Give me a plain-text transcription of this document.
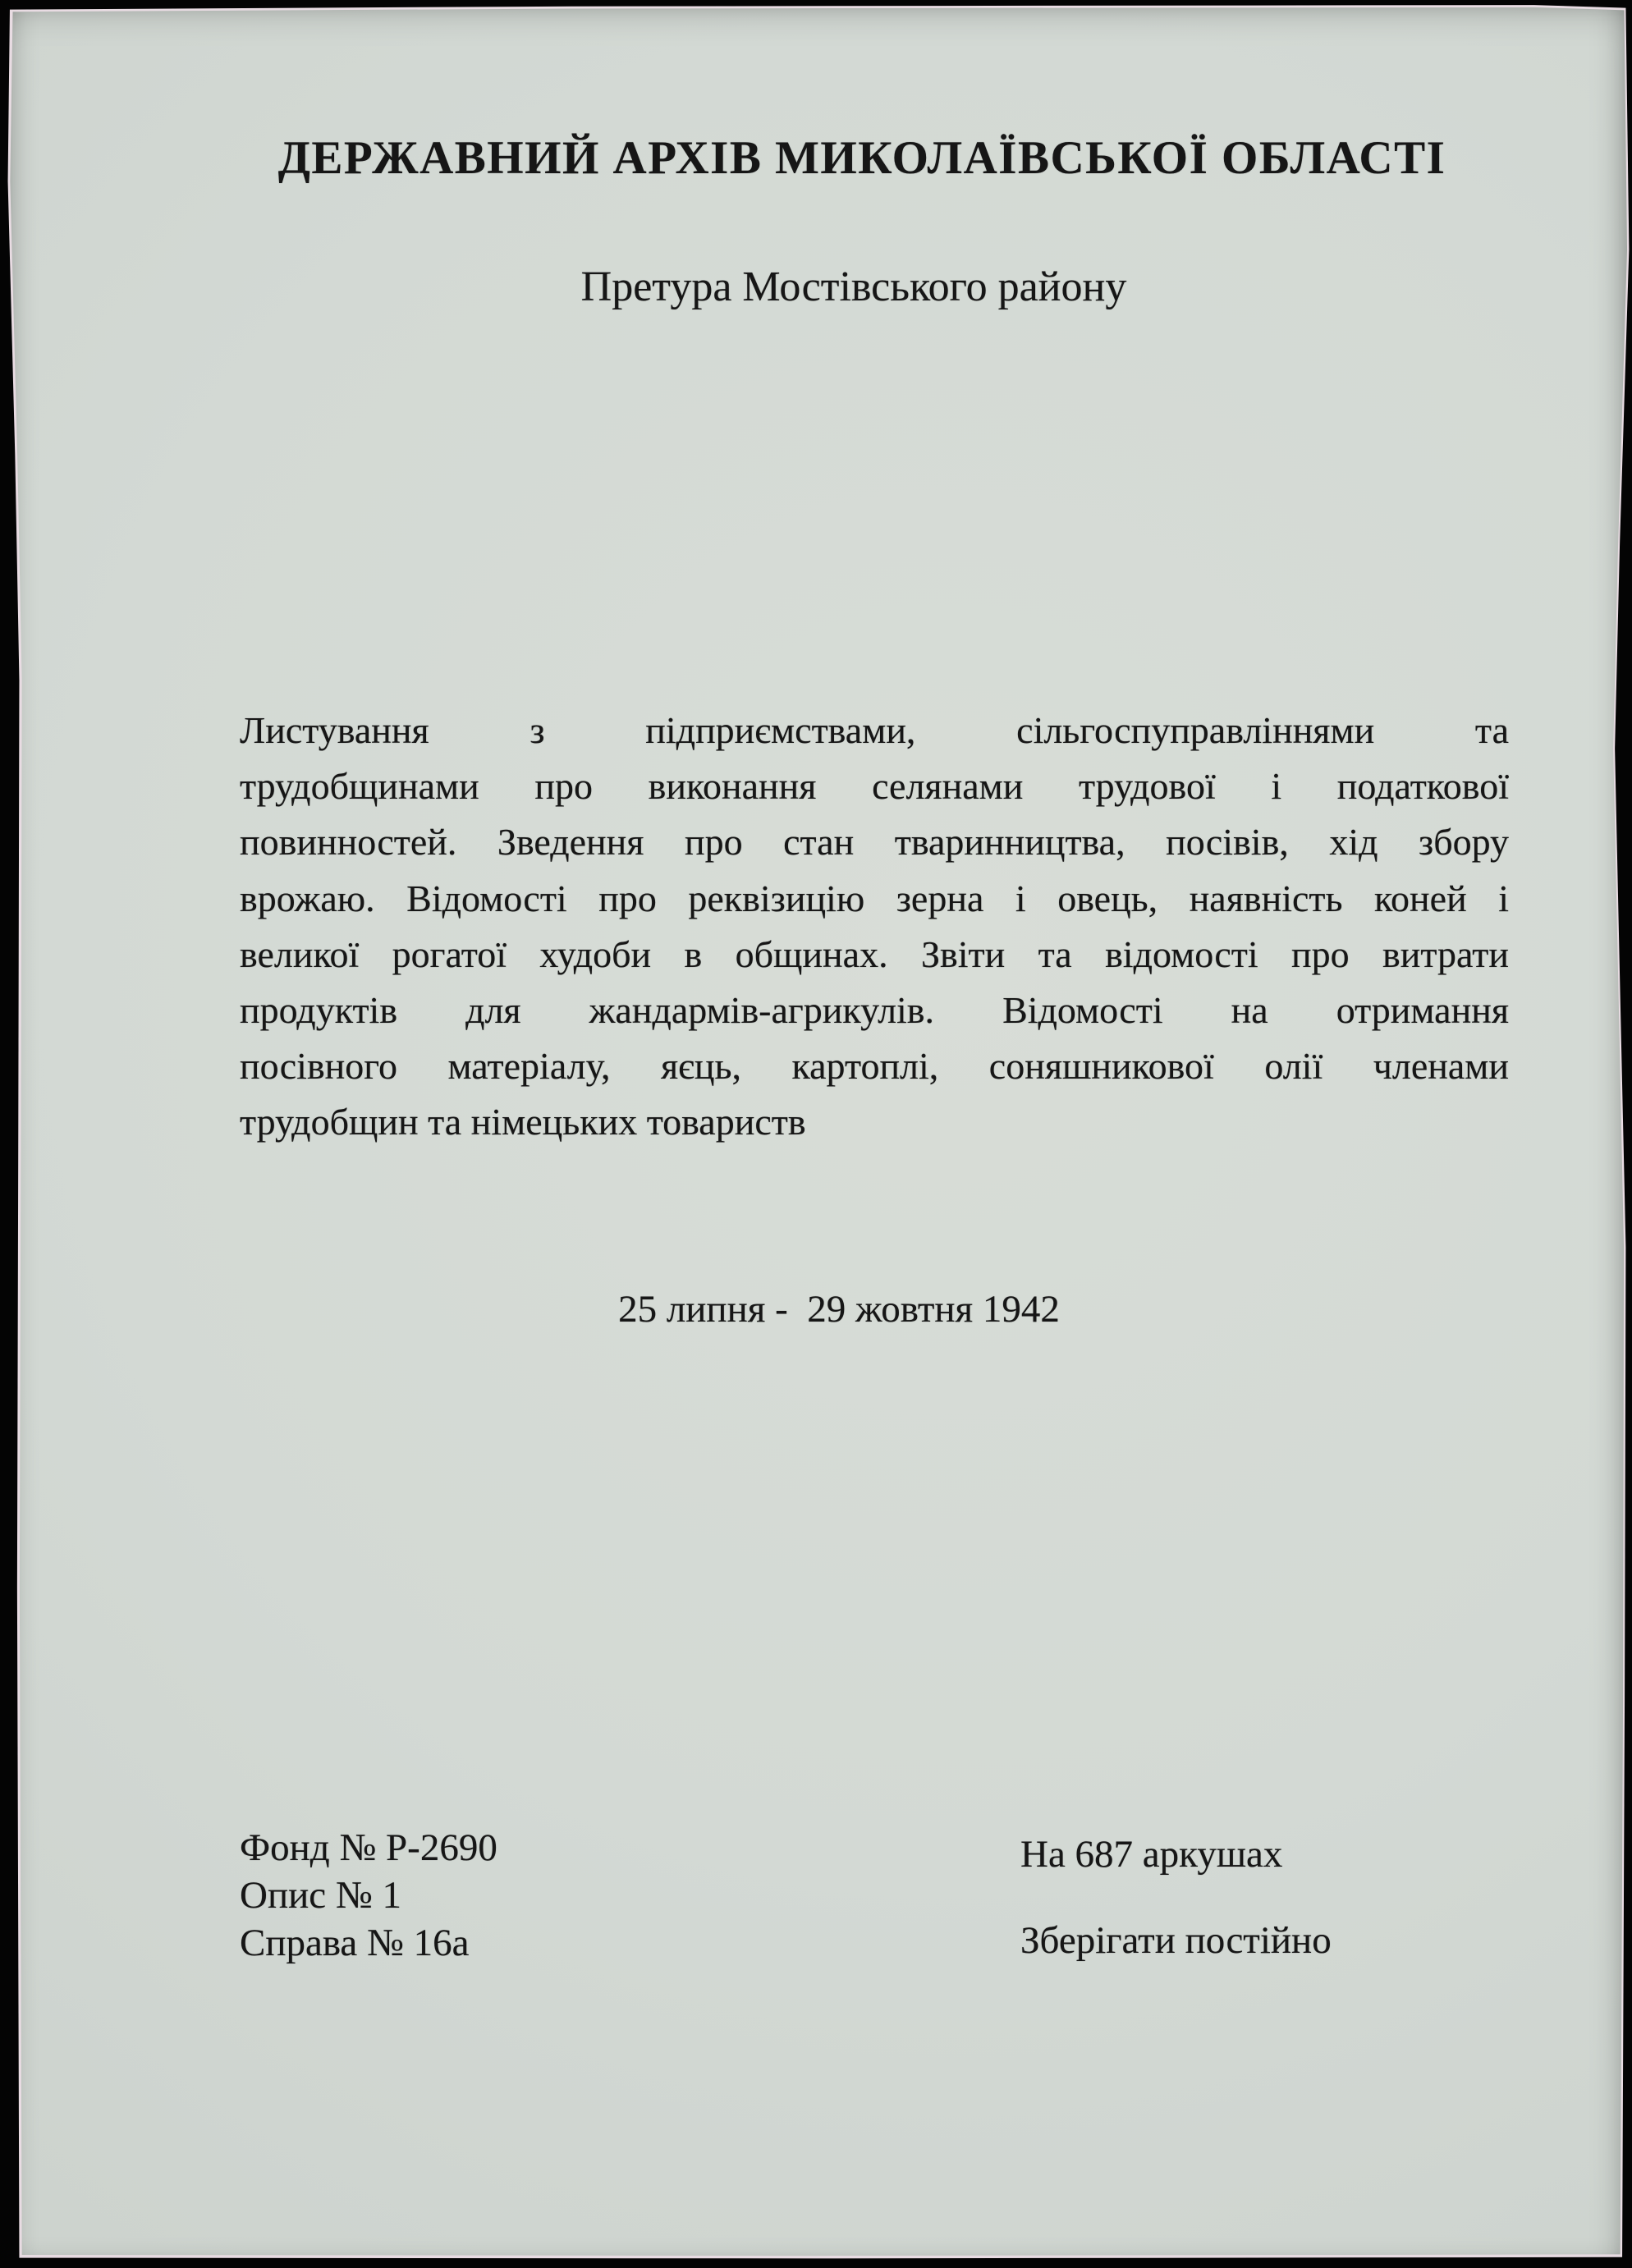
ДЕРЖАВНИЙ АРХІВ МИКОЛАЇВСЬКОЇ ОБЛАСТІ
Претура Мостівського району
Листування з підприємствами, сільгоспуправліннями та
трудобщинами про виконання селянами трудової і податкової
повинностей. Зведення про стан тваринництва, посівів, хід збору
врожаю. Відомості про реквізицію зерна і овець, наявність коней і
великої рогатої худоби в общинах. Звіти та відомості про витрати
продуктів для жандармів-агрикулів. Відомості на отримання
посівного матеріалу, яєць, картоплі, соняшникової олії членами
трудобщин та німецьких товариств
25 липня -  29 жовтня 1942
Фонд № Р-2690
Опис № 1
Справа № 16а
На 687 аркушах
Зберігати постійно
